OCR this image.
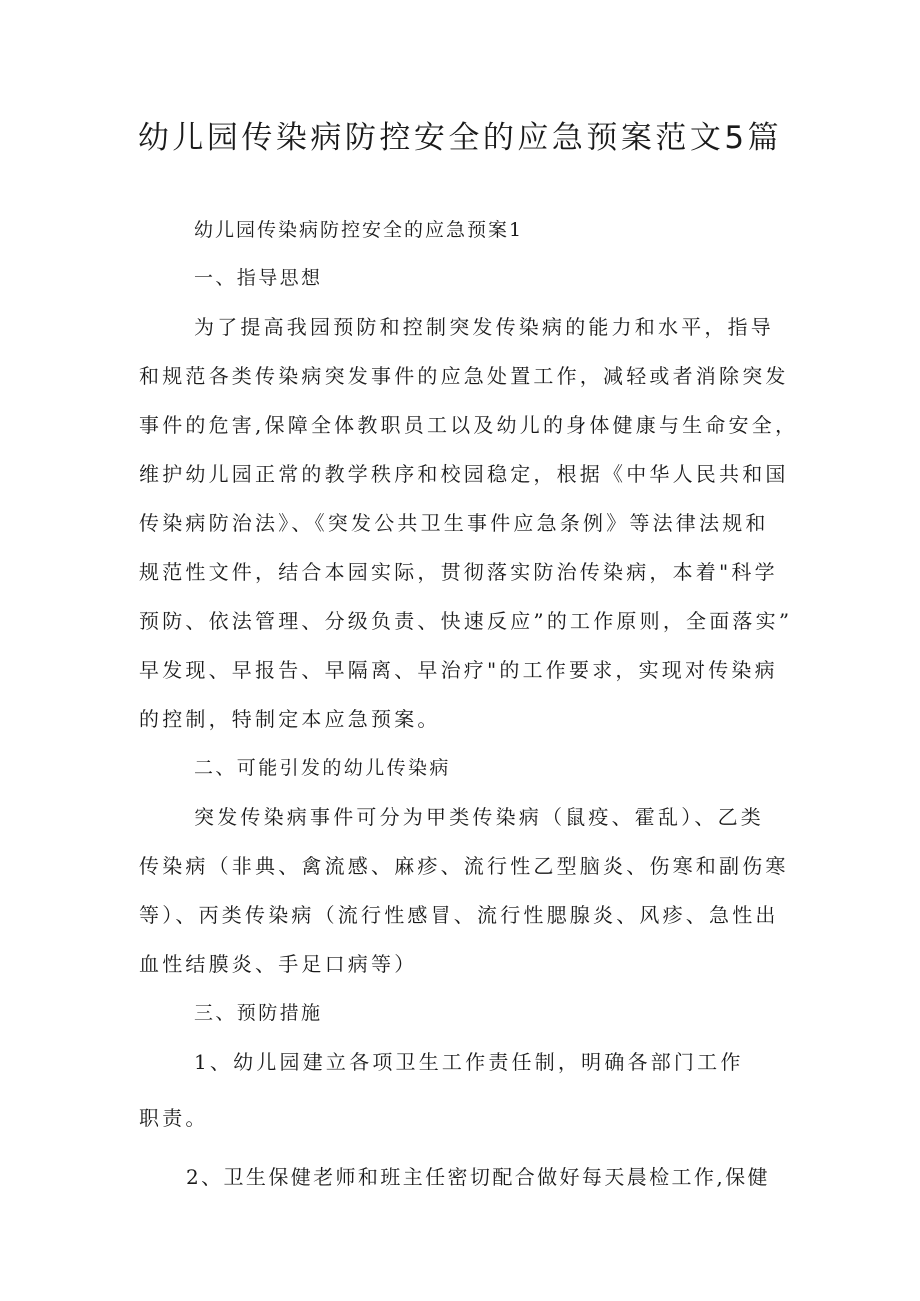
幼儿园传染病防控安全的应急预案范文5篇
幼儿园传染病防控安全的应急预案1
一、指导思想
为了提高我园预防和控制突发传染病的能力和水平，指导
和规范各类传染病突发事件的应急处置工作，减轻或者消除突发
事件的危害,保障全体教职员工以及幼儿的身体健康与生命安全，
维护幼儿园正常的教学秩序和校园稳定，根据《中华人民共和国
传染病防治法》、《突发公共卫生事件应急条例》等法律法规和
规范性文件，结合本园实际，贯彻落实防治传染病，本着"科学
预防、依法管理、分级负责、快速反应”的工作原则，全面落实”
早发现、早报告、早隔离、早治疗"的工作要求，实现对传染病
的控制，特制定本应急预案。
二、可能引发的幼儿传染病
突发传染病事件可分为甲类传染病（鼠疫、霍乱）、乙类
传染病（非典、禽流感、麻疹、流行性乙型脑炎、伤寒和副伤寒
等）、丙类传染病（流行性感冒、流行性腮腺炎、风疹、急性出
血性结膜炎、手足口病等）
三、预防措施
1、幼儿园建立各项卫生工作责任制，明确各部门工作
职责。
2、卫生保健老师和班主任密切配合做好每天晨检工作,保健
